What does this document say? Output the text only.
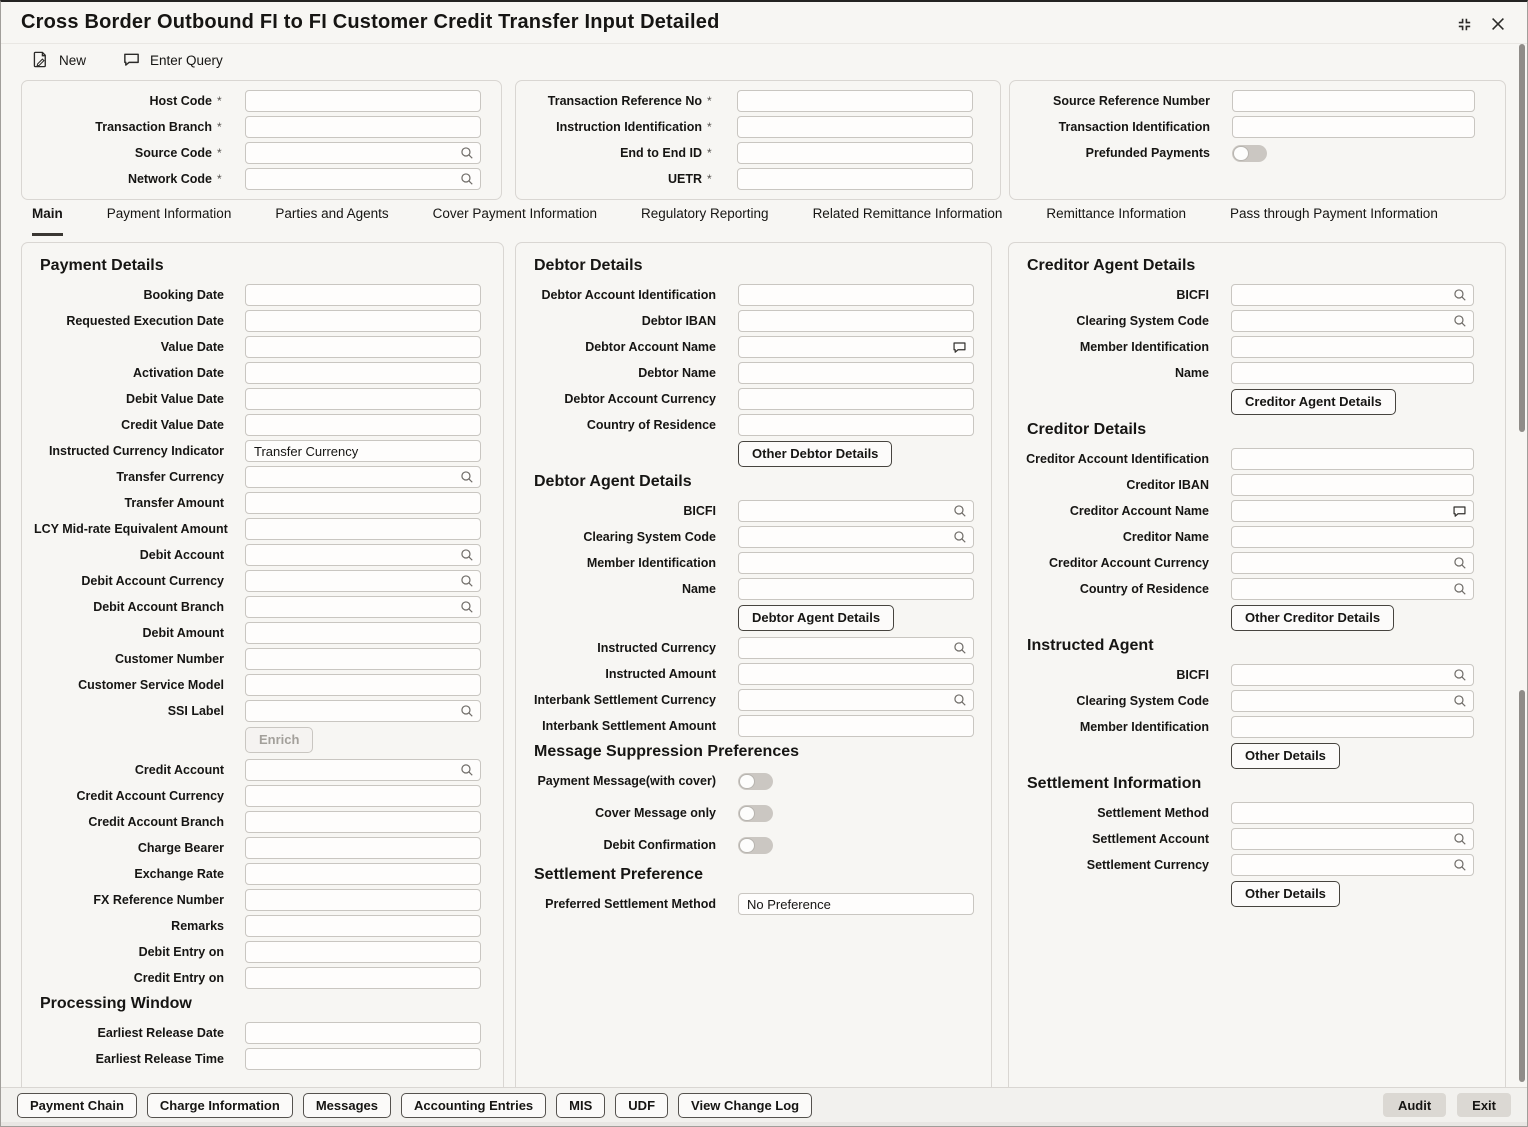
Cross Border Outbound FI to FI Customer Credit Transfer Input Detailed
New	Enter Query
Host Code *
Transaction Branch *
Source Code *
Network Code *
Transaction Reference No *
Instruction Identification *
End to End ID *
UETR *
Source Reference Number
Transaction Identification
Prefunded Payments
Main	Payment Information	Parties and Agents	Cover Payment Information	Regulatory Reporting	Related Remittance Information	Remittance Information	Pass through Payment Information
Payment Details
Booking Date
Requested Execution Date
Value Date
Activation Date
Debit Value Date
Credit Value Date
Instructed Currency Indicator
Transfer Currency
Transfer Currency
Transfer Amount
LCY Mid-rate Equivalent Amount
Debit Account
Debit Account Currency
Debit Account Branch
Debit Amount
Customer Number
Customer Service Model
SSI Label
Enrich
Credit Account
Credit Account Currency
Credit Account Branch
Charge Bearer
Exchange Rate
FX Reference Number
Remarks
Debit Entry on
Credit Entry on
Processing Window
Earliest Release Date
Earliest Release Time
Debtor Details
Debtor Account Identification
Debtor IBAN
Debtor Account Name
Debtor Name
Debtor Account Currency
Country of Residence
Other Debtor Details
Debtor Agent Details
BICFI
Clearing System Code
Member Identification
Name
Debtor Agent Details
Instructed Currency
Instructed Amount
Interbank Settlement Currency
Interbank Settlement Amount
Message Suppression Preferences
Payment Message(with cover)
Cover Message only
Debit Confirmation
Settlement Preference
Preferred Settlement Method
No Preference
Creditor Agent Details
BICFI
Clearing System Code
Member Identification
Name
Creditor Agent Details
Creditor Details
Creditor Account Identification
Creditor IBAN
Creditor Account Name
Creditor Name
Creditor Account Currency
Country of Residence
Other Creditor Details
Instructed Agent
BICFI
Clearing System Code
Member Identification
Other Details
Settlement Information
Settlement Method
Settlement Account
Settlement Currency
Other Details
Payment Chain	Charge Information	Messages	Accounting Entries	MIS	UDF	View Change Log	Audit	Exit
